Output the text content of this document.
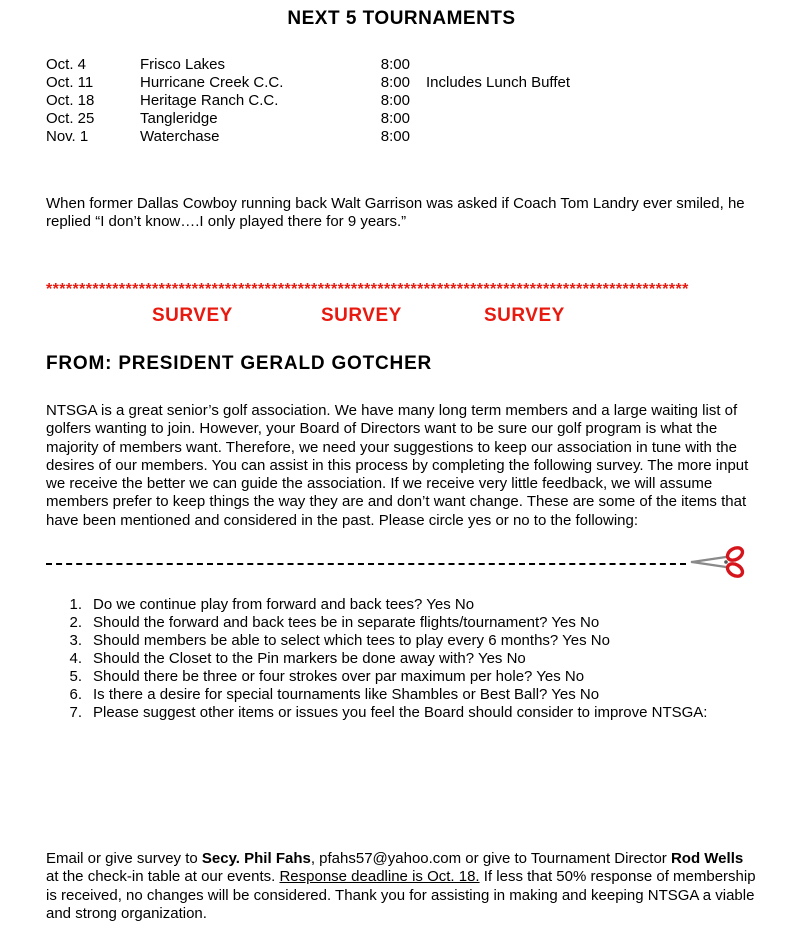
NEXT 5 TOURNAMENTS
Oct. 4	Frisco Lakes	8:00
Oct. 11	Hurricane Creek C.C.	8:00 Includes Lunch Buffet
Oct. 18	Heritage Ranch C.C.	8:00
Oct. 25	Tangleridge	8:00
Nov. 1	Waterchase	8:00
When former Dallas Cowboy running back Walt Garrison was asked if Coach Tom Landry ever smiled, he replied “I don’t know….I only played there for 9 years.”
*************************************************************************************************
SURVEY	SURVEY	SURVEY
FROM: PRESIDENT GERALD GOTCHER
NTSGA is a great senior’s golf association. We have many long term members and a large waiting list of golfers wanting to join. However, your Board of Directors want to be sure our golf program is what the majority of members want. Therefore, we need your suggestions to keep our association in tune with the desires of our members. You can assist in this process by completing the following survey. The more input we receive the better we can guide the association. If we receive very little feedback, we will assume members prefer to keep things the way they are and don’t want change. These are some of the items that have been mentioned and considered in the past. Please circle yes or no to the following:
1. Do we continue play from forward and back tees? Yes No
2. Should the forward and back tees be in separate flights/tournament? Yes No
3. Should members be able to select which tees to play every 6 months? Yes No
4. Should the Closet to the Pin markers be done away with? Yes No
5. Should there be three or four strokes over par maximum per hole? Yes No
6. Is there a desire for special tournaments like Shambles or Best Ball? Yes No
7. Please suggest other items or issues you feel the Board should consider to improve NTSGA:
Email or give survey to Secy. Phil Fahs, pfahs57@yahoo.com or give to Tournament Director Rod Wells at the check-in table at our events. Response deadline is Oct. 18. If less that 50% response of membership is received, no changes will be considered. Thank you for assisting in making and keeping NTSGA a viable and strong organization.
